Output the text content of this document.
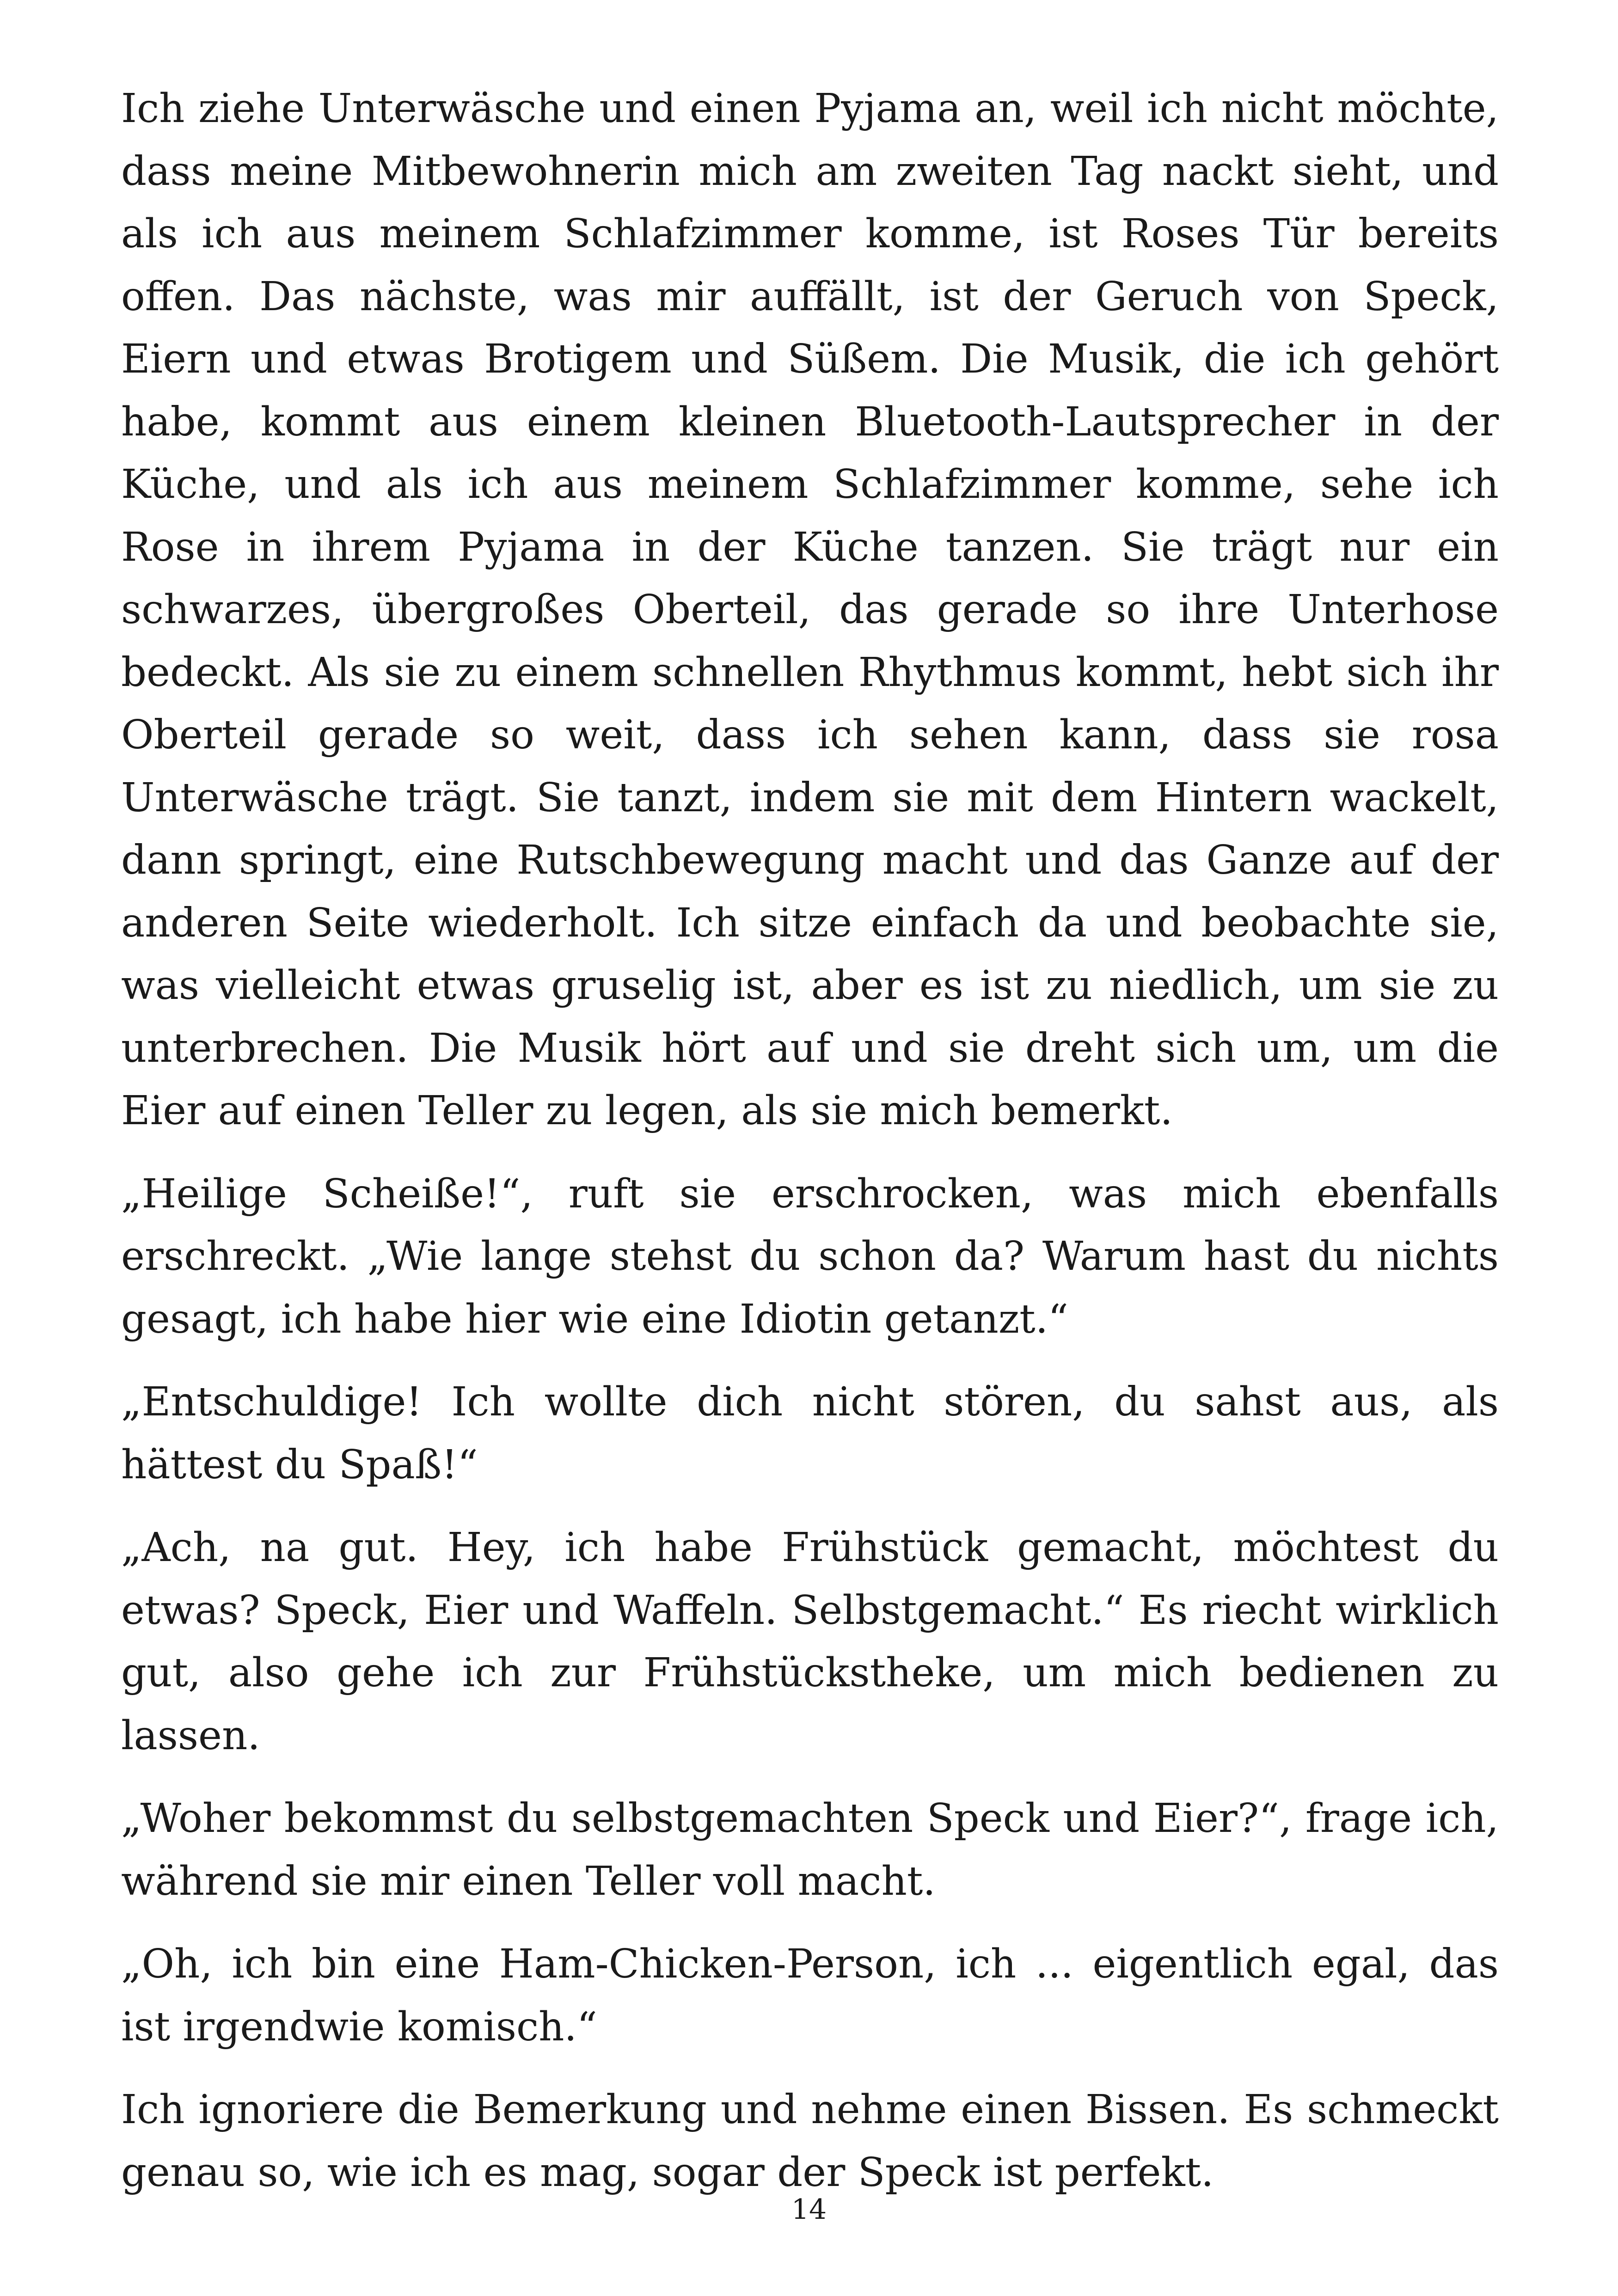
Ich ziehe Unterwäsche und einen Pyjama an, weil ich nicht möchte, dass meine Mitbewohnerin mich am zweiten Tag nackt sieht, und als ich aus meinem Schlafzimmer komme, ist Roses Tür bereits offen. Das nächste, was mir auffällt, ist der Geruch von Speck, Eiern und etwas Brotigem und Süßem. Die Musik, die ich gehört habe, kommt aus einem kleinen Bluetooth-Lautsprecher in der Küche, und als ich aus meinem Schlafzimmer komme, sehe ich Rose in ihrem Pyjama in der Küche tanzen. Sie trägt nur ein schwarzes, übergroßes Oberteil, das gerade so ihre Unterhose bedeckt. Als sie zu einem schnellen Rhythmus kommt, hebt sich ihr Oberteil gerade so weit, dass ich sehen kann, dass sie rosa Unterwäsche trägt. Sie tanzt, indem sie mit dem Hintern wackelt, dann springt, eine Rutschbewegung macht und das Ganze auf der anderen Seite wiederholt. Ich sitze einfach da und beobachte sie, was vielleicht etwas gruselig ist, aber es ist zu niedlich, um sie zu unterbrechen. Die Musik hört auf und sie dreht sich um, um die Eier auf einen Teller zu legen, als sie mich bemerkt.

„Heilige Scheiße!“, ruft sie erschrocken, was mich ebenfalls erschreckt. „Wie lange stehst du schon da? Warum hast du nichts gesagt, ich habe hier wie eine Idiotin getanzt.“

„Entschuldige! Ich wollte dich nicht stören, du sahst aus, als hättest du Spaß!“

„Ach, na gut. Hey, ich habe Frühstück gemacht, möchtest du etwas? Speck, Eier und Waffeln. Selbstgemacht.“ Es riecht wirklich gut, also gehe ich zur Frühstückstheke, um mich bedienen zu lassen.

„Woher bekommst du selbstgemachten Speck und Eier?“, frage ich, während sie mir einen Teller voll macht.

„Oh, ich bin eine Ham-Chicken-Person, ich ... eigentlich egal, das ist irgendwie komisch.“

Ich ignoriere die Bemerkung und nehme einen Bissen. Es schmeckt genau so, wie ich es mag, sogar der Speck ist perfekt.

14
